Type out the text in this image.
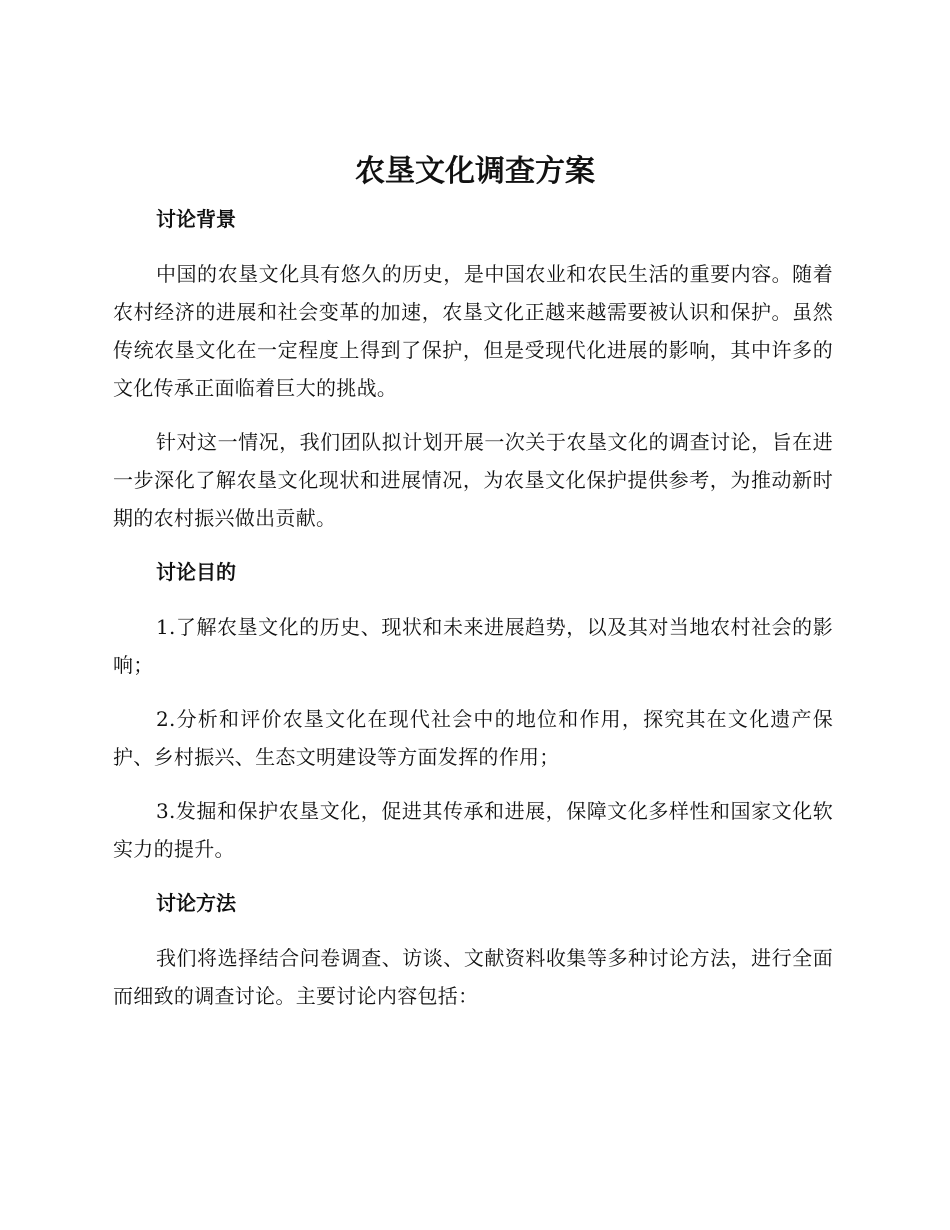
农垦文化调查方案
讨论背景

中国的农垦文化具有悠久的历史，是中国农业和农民生活的重要内容。随着农村经济的进展和社会变革的加速，农垦文化正越来越需要被认识和保护。虽然传统农垦文化在一定程度上得到了保护，但是受现代化进展的影响，其中许多的文化传承正面临着巨大的挑战。

针对这一情况，我们团队拟计划开展一次关于农垦文化的调查讨论，旨在进一步深化了解农垦文化现状和进展情况，为农垦文化保护提供参考，为推动新时期的农村振兴做出贡献。

讨论目的

1.了解农垦文化的历史、现状和未来进展趋势，以及其对当地农村社会的影响；

2.分析和评价农垦文化在现代社会中的地位和作用，探究其在文化遗产保护、乡村振兴、生态文明建设等方面发挥的作用；

3.发掘和保护农垦文化，促进其传承和进展，保障文化多样性和国家文化软实力的提升。

讨论方法

我们将选择结合问卷调查、访谈、文献资料收集等多种讨论方法，进行全面而细致的调查讨论。主要讨论内容包括：
